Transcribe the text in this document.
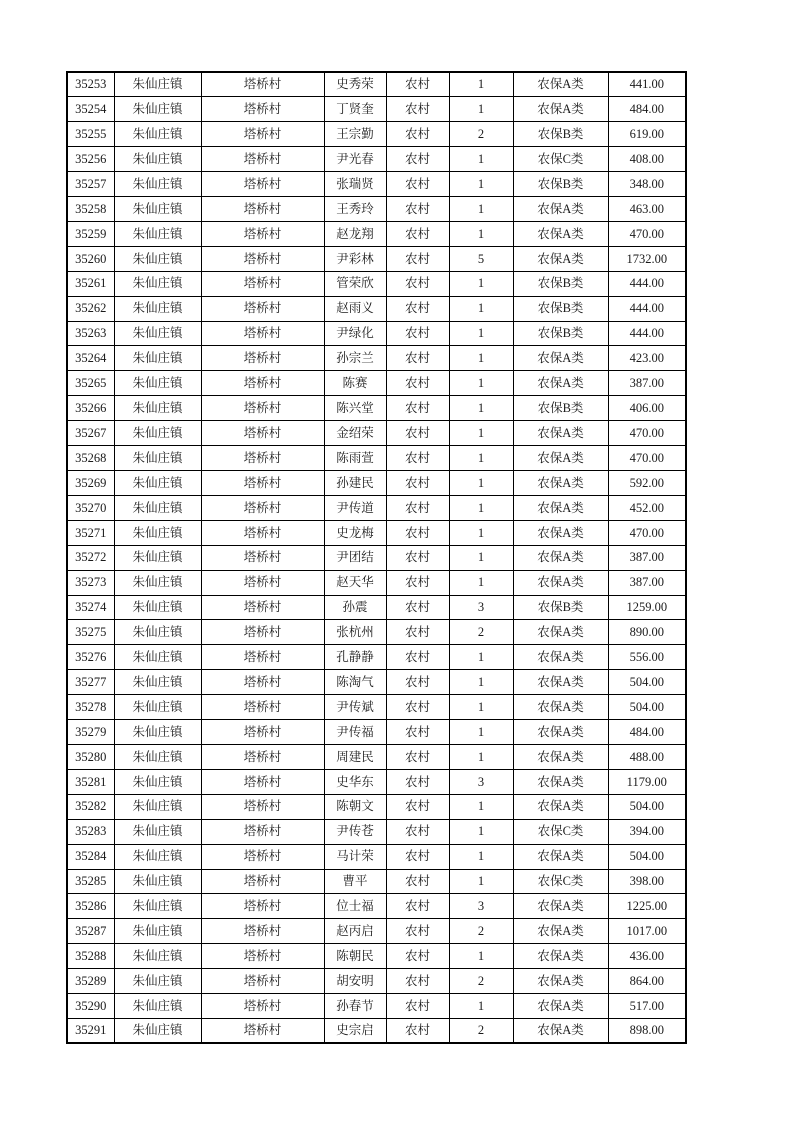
35253	朱仙庄镇	塔桥村	史秀荣	农村	1	农保A类	441.00
35254	朱仙庄镇	塔桥村	丁贤奎	农村	1	农保A类	484.00
35255	朱仙庄镇	塔桥村	王宗勤	农村	2	农保B类	619.00
35256	朱仙庄镇	塔桥村	尹光春	农村	1	农保C类	408.00
35257	朱仙庄镇	塔桥村	张瑞贤	农村	1	农保B类	348.00
35258	朱仙庄镇	塔桥村	王秀玲	农村	1	农保A类	463.00
35259	朱仙庄镇	塔桥村	赵龙翔	农村	1	农保A类	470.00
35260	朱仙庄镇	塔桥村	尹彩林	农村	5	农保A类	1732.00
35261	朱仙庄镇	塔桥村	管荣欣	农村	1	农保B类	444.00
35262	朱仙庄镇	塔桥村	赵雨义	农村	1	农保B类	444.00
35263	朱仙庄镇	塔桥村	尹绿化	农村	1	农保B类	444.00
35264	朱仙庄镇	塔桥村	孙宗兰	农村	1	农保A类	423.00
35265	朱仙庄镇	塔桥村	陈赛	农村	1	农保A类	387.00
35266	朱仙庄镇	塔桥村	陈兴堂	农村	1	农保B类	406.00
35267	朱仙庄镇	塔桥村	金绍荣	农村	1	农保A类	470.00
35268	朱仙庄镇	塔桥村	陈雨萱	农村	1	农保A类	470.00
35269	朱仙庄镇	塔桥村	孙建民	农村	1	农保A类	592.00
35270	朱仙庄镇	塔桥村	尹传道	农村	1	农保A类	452.00
35271	朱仙庄镇	塔桥村	史龙梅	农村	1	农保A类	470.00
35272	朱仙庄镇	塔桥村	尹团结	农村	1	农保A类	387.00
35273	朱仙庄镇	塔桥村	赵天华	农村	1	农保A类	387.00
35274	朱仙庄镇	塔桥村	孙震	农村	3	农保B类	1259.00
35275	朱仙庄镇	塔桥村	张杭州	农村	2	农保A类	890.00
35276	朱仙庄镇	塔桥村	孔静静	农村	1	农保A类	556.00
35277	朱仙庄镇	塔桥村	陈淘气	农村	1	农保A类	504.00
35278	朱仙庄镇	塔桥村	尹传斌	农村	1	农保A类	504.00
35279	朱仙庄镇	塔桥村	尹传福	农村	1	农保A类	484.00
35280	朱仙庄镇	塔桥村	周建民	农村	1	农保A类	488.00
35281	朱仙庄镇	塔桥村	史华东	农村	3	农保A类	1179.00
35282	朱仙庄镇	塔桥村	陈朝文	农村	1	农保A类	504.00
35283	朱仙庄镇	塔桥村	尹传苍	农村	1	农保C类	394.00
35284	朱仙庄镇	塔桥村	马计荣	农村	1	农保A类	504.00
35285	朱仙庄镇	塔桥村	曹平	农村	1	农保C类	398.00
35286	朱仙庄镇	塔桥村	位士福	农村	3	农保A类	1225.00
35287	朱仙庄镇	塔桥村	赵丙启	农村	2	农保A类	1017.00
35288	朱仙庄镇	塔桥村	陈朝民	农村	1	农保A类	436.00
35289	朱仙庄镇	塔桥村	胡安明	农村	2	农保A类	864.00
35290	朱仙庄镇	塔桥村	孙春节	农村	1	农保A类	517.00
35291	朱仙庄镇	塔桥村	史宗启	农村	2	农保A类	898.00
